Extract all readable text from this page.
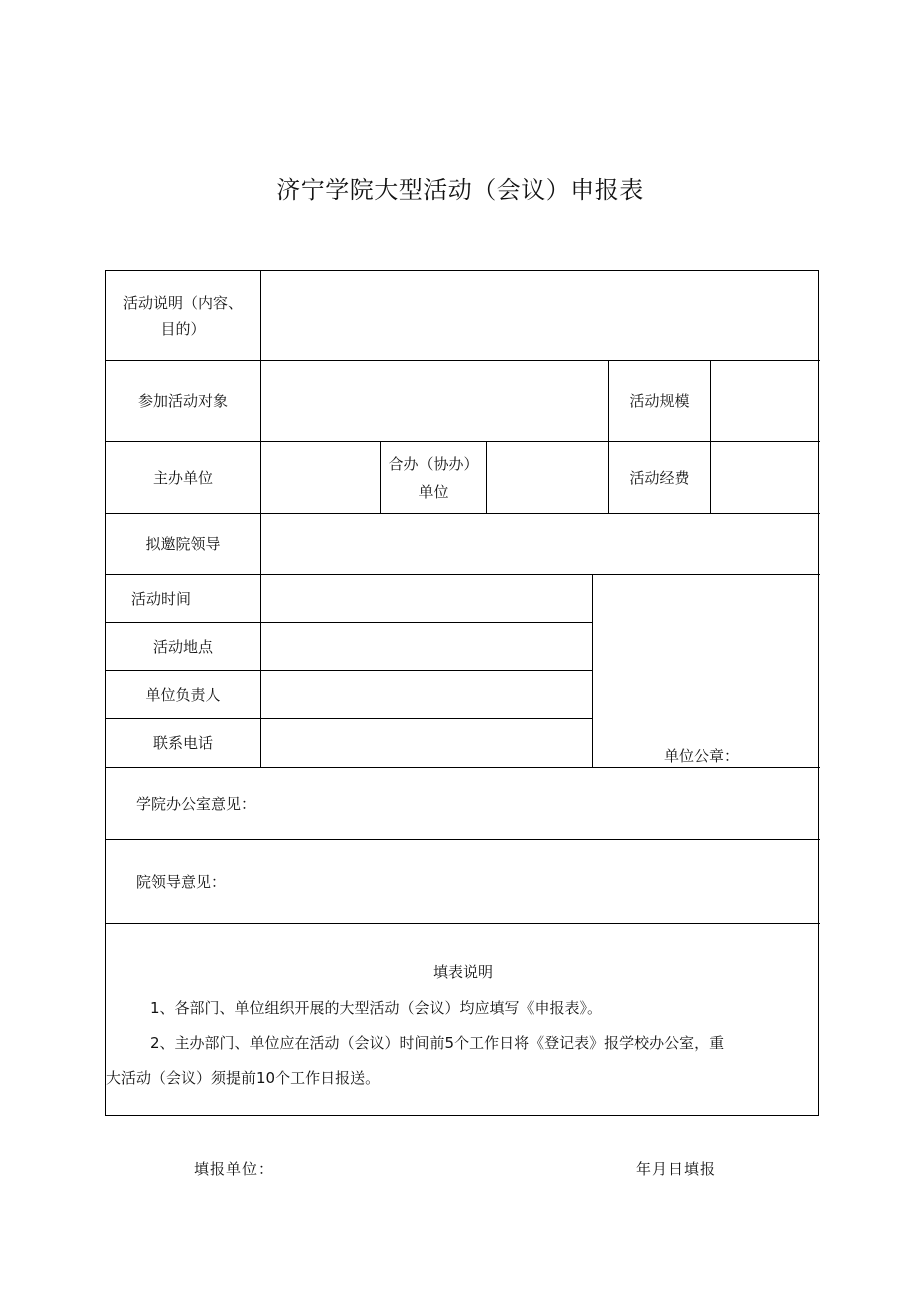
济宁学院大型活动（会议）申报表
活动说明（内容、目的）
参加活动对象	活动规模
主办单位
合办（协办）
单位
活动经费
拟邀院领导
活动时间
活动地点
单位负责人
联系电话
单位公章：
学院办公室意见：
院领导意见：
填表说明
1、各部门、单位组织开展的大型活动（会议）均应填写《申报表》。
2、主办部门、单位应在活动（会议）时间前5个工作日将《登记表》报学校办公室，重
大活动（会议）须提前10个工作日报送。
填报单位：	年月日填报
